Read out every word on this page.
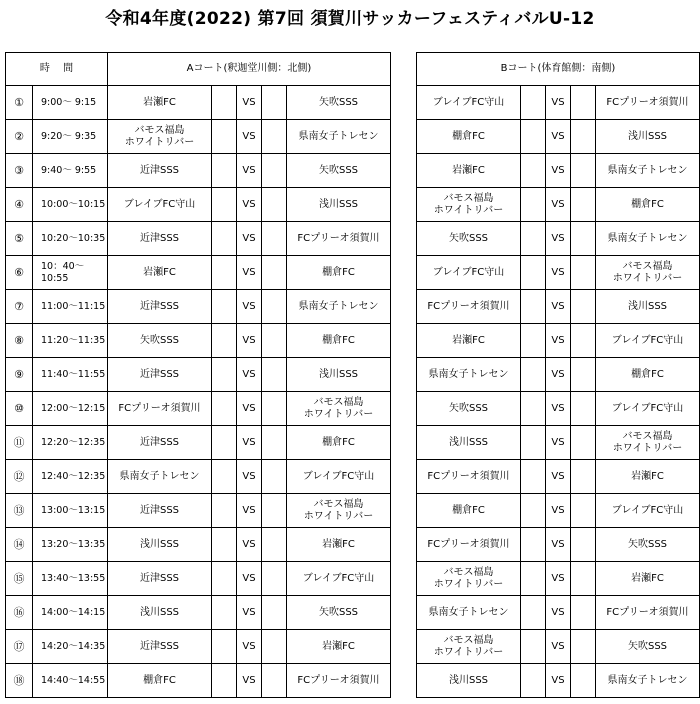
令和4年度(2022) 第7回 須賀川サッカーフェスティバルU-12
時　 間		Aコート(釈迦堂川側：北側)						Bコート(体育館側：南側)				
①	9:00〜 9:15	岩瀬FC		VS		矢吹SSS		ブレイブFC守山		VS		FCプリーオ須賀川
②	9:20〜 9:35	バモス福島
ホワイトリバー		VS		県南女子トレセン		棚倉FC		VS		浅川SSS
③	9:40〜 9:55	近津SSS		VS		矢吹SSS		岩瀬FC		VS		県南女子トレセン
④	10:00〜10:15	ブレイブFC守山		VS		浅川SSS		バモス福島
ホワイトリバー		VS		棚倉FC
⑤	10:20〜10:35	近津SSS		VS		FCプリーオ須賀川		矢吹SSS		VS		県南女子トレセン
⑥	10：40〜10:55	岩瀬FC		VS		棚倉FC		ブレイブFC守山		VS		バモス福島
ホワイトリバー
⑦	11:00〜11:15	近津SSS		VS		県南女子トレセン		FCプリーオ須賀川		VS		浅川SSS
⑧	11:20〜11:35	矢吹SSS		VS		棚倉FC		岩瀬FC		VS		ブレイブFC守山
⑨	11:40〜11:55	近津SSS		VS		浅川SSS		県南女子トレセン		VS		棚倉FC
⑩	12:00〜12:15	FCプリーオ須賀川		VS		バモス福島
ホワイトリバー		矢吹SSS		VS		ブレイブFC守山
⑪	12:20〜12:35	近津SSS		VS		棚倉FC		浅川SSS		VS		バモス福島
ホワイトリバー
⑫	12:40〜12:35	県南女子トレセン		VS		ブレイブFC守山		FCプリーオ須賀川		VS		岩瀬FC
⑬	13:00〜13:15	近津SSS		VS		バモス福島
ホワイトリバー		棚倉FC		VS		ブレイブFC守山
⑭	13:20〜13:35	浅川SSS		VS		岩瀬FC		FCプリーオ須賀川		VS		矢吹SSS
⑮	13:40〜13:55	近津SSS		VS		ブレイブFC守山		バモス福島
ホワイトリバー		VS		岩瀬FC
⑯	14:00〜14:15	浅川SSS		VS		矢吹SSS		県南女子トレセン		VS		FCプリーオ須賀川
⑰	14:20〜14:35	近津SSS		VS		岩瀬FC		バモス福島
ホワイトリバー		VS		矢吹SSS
⑱	14:40〜14:55	棚倉FC		VS		FCプリーオ須賀川		浅川SSS		VS		県南女子トレセン
